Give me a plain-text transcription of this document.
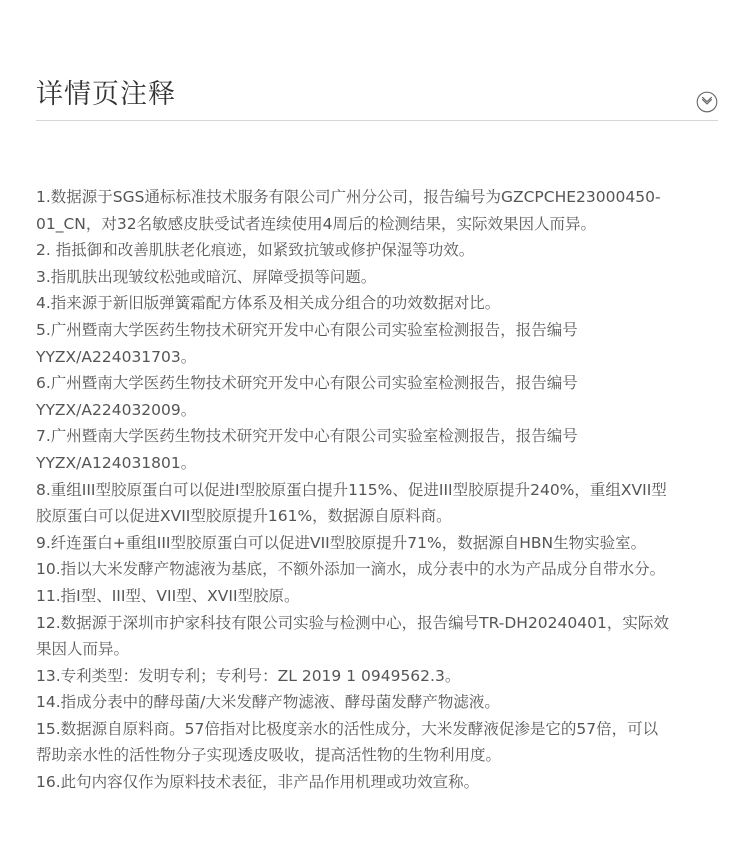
详情页注释
1.数据源于SGS通标标准技术服务有限公司广州分公司，报告编号为GZCPCHE23000450-
01_CN，对32名敏感皮肤受试者连续使用4周后的检测结果，实际效果因人而异。
2. 指抵御和改善肌肤老化痕迹，如紧致抗皱或修护保湿等功效。
3.指肌肤出现皱纹松弛或暗沉、屏障受损等问题。
4.指来源于新旧版弹簧霜配方体系及相关成分组合的功效数据对比。
5.广州暨南大学医药生物技术研究开发中心有限公司实验室检测报告，报告编号
YYZX/A224031703。
6.广州暨南大学医药生物技术研究开发中心有限公司实验室检测报告，报告编号
YYZX/A224032009。
7.广州暨南大学医药生物技术研究开发中心有限公司实验室检测报告，报告编号
YYZX/A124031801。
8.重组III型胶原蛋白可以促进I型胶原蛋白提升115%、促进III型胶原提升240%，重组XVII型
胶原蛋白可以促进XVII型胶原提升161%，数据源自原料商。
9.纤连蛋白+重组III型胶原蛋白可以促进VII型胶原提升71%，数据源自HBN生物实验室。
10.指以大米发酵产物滤液为基底，不额外添加一滴水，成分表中的水为产品成分自带水分。
11.指I型、III型、VII型、XVII型胶原。
12.数据源于深圳市护家科技有限公司实验与检测中心，报告编号TR-DH20240401，实际效
果因人而异。
13.专利类型：发明专利；专利号：ZL 2019 1 0949562.3。
14.指成分表中的酵母菌/大米发酵产物滤液、酵母菌发酵产物滤液。
15.数据源自原料商。57倍指对比极度亲水的活性成分，大米发酵液促渗是它的57倍，可以
帮助亲水性的活性物分子实现透皮吸收，提高活性物的生物利用度。
16.此句内容仅作为原料技术表征，非产品作用机理或功效宣称。
